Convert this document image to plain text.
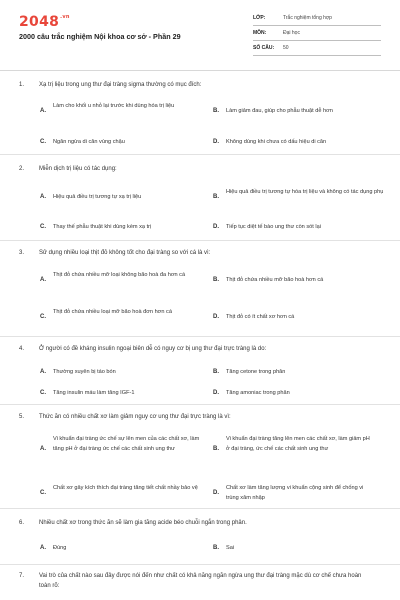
$2048^{.vn}$
2000 câu trắc nghiệm Nội khoa cơ sở - Phần 29
LỚP:	Trắc nghiệm tổng hợp
MÔN:	Đại học
SỐ CÂU:	50
1. Xạ trị liệu trong ung thư đại tràng sigma thường có mục đích:
A.
Làm cho khối u nhỏ lại trước khi dùng hóa trị liệu
B. Làm giảm đau, giúp cho phẫu thuật dễ hơn
C. Ngăn ngừa di căn vùng chậu	D. Không dùng khi chưa có dấu hiệu di căn
2. Miễn dịch trị liệu có tác dụng:
A. Hiệu quả điều trị tương tự xạ trị liệu	B.
Hiệu quả điều trị tương tự hóa trị liệu và không có tác dụng phụ
C. Thay thế phẫu thuật khi dùng kèm xạ trị	D. Tiếp tục diệt tế bào ung thư còn sót lại
3. Sử dụng nhiều loại thịt đỏ không tốt cho đại tràng so với cá là vì:
A.
Thịt đỏ chứa nhiều mỡ loại không bão hoà đa hơn cá
B. Thịt đỏ chứa nhiều mỡ bão hoà hơn cá
C.
Thịt đỏ chứa nhiều loại mỡ bão hoà đơn hơn cá
D. Thịt đỏ có ít chất xơ hơn cá
4. Ở người có đề kháng insulin ngoại biên dễ có nguy cơ bị ung thư đại trực tràng là do:
A. Thường xuyên bị táo bón	B. Tăng cetone trong phân
C. Tăng insulin máu làm tăng IGF-1	D. Tăng amoniac trong phân
5. Thức ăn có nhiều chất xơ làm giảm nguy cơ ung thư đại trực tràng là vì:
A.
Vi khuẩn đại tràng ức chế sự lên men của các chất xơ, làm tăng pH ở đại tràng ức chế các chất sinh ung thư	B.
Vi khuẩn đại tràng tăng lên men các chất xơ, làm giảm pH ở đại tràng, ức chế các chất sinh ung thư
C.
Chất xơ gây kích thích đại tràng tăng tiết chất nhầy bảo vệ
D.
Chất xơ làm tăng lượng vi khuẩn cộng sinh để chống vi trùng xâm nhập
6. Nhiều chất xơ trong thức ăn sẽ làm gia tăng acide béo chuỗi ngắn trong phân.
A. Đúng	B. Sai
7. Vai trò của chất nào sau đây được nói đến như chất có khả năng ngăn ngừa ung thư đại tràng mặc dù cơ chế chưa hoàn toàn rõ:
